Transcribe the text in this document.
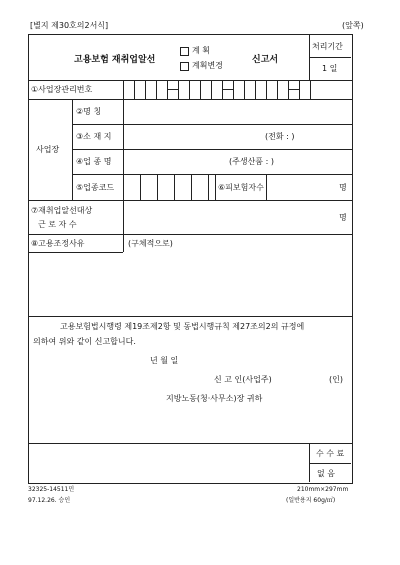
[별지 제30호의2서식]	(앞쪽)
고용보험 재취업알선
계 획
계획변경
신고서
처리기간
1 일
①사업장관리번호
사업장
②명 칭
③소 재 지	(전화 : )
④업 종 명	(주생산품 : )
⑤업종코드	⑥피보험자수	명
⑦재취업알선대상
근 로 자 수
명
⑧고용조정사유	(구체적으로)
고용보험법시행령 제19조제2항 및 동법시행규칙 제27조의2의 규정에
의하여 위와 같이 신고합니다.
년 월 일
신 고 인(사업주)	(인)
지방노동(청·사무소)장 귀하
수 수 료
없 음
32325-14511민
97.12.26. 승인
210mm×297mm
(일반용지 60g/㎡)
